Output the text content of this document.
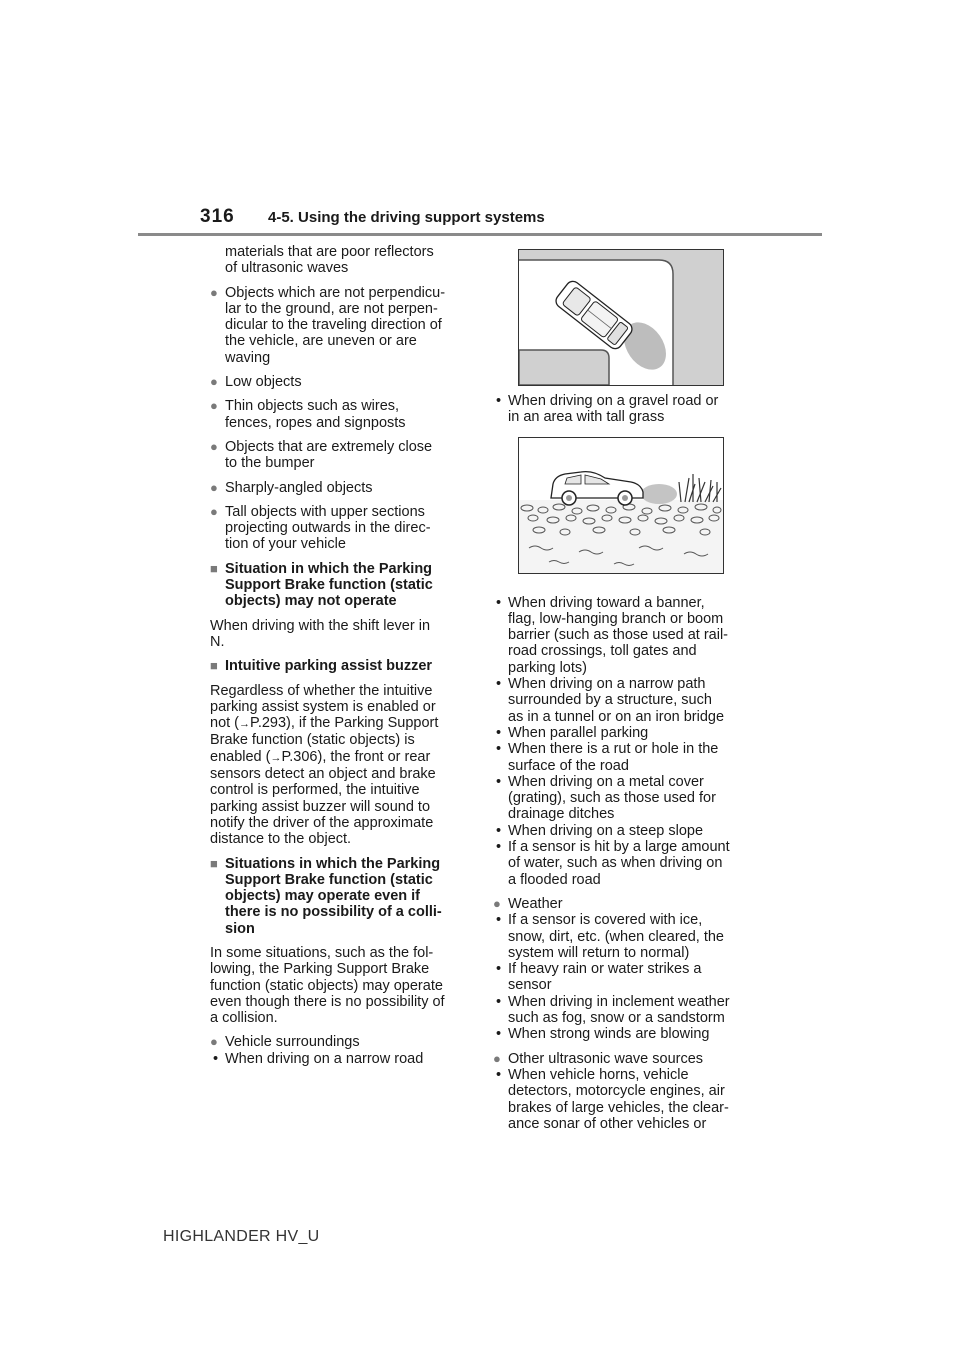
316	4-5. Using the driving support systems
materials that are poor reflectors
of ultrasonic waves
● Objects which are not perpendicu-
lar to the ground, are not perpen-
dicular to the traveling direction of
the vehicle, are uneven or are
waving
● Low objects
● Thin objects such as wires,
fences, ropes and signposts
● Objects that are extremely close
to the bumper
● Sharply-angled objects
● Tall objects with upper sections
projecting outwards in the direc-
tion of your vehicle
■ Situation in which the Parking
Support Brake function (static
objects) may not operate
When driving with the shift lever in
N.
■ Intuitive parking assist buzzer
Regardless of whether the intuitive
parking assist system is enabled or
not (→P.293), if the Parking Support
Brake function (static objects) is
enabled (→P.306), the front or rear
sensors detect an object and brake
control is performed, the intuitive
parking assist buzzer will sound to
notify the driver of the approximate
distance to the object.
■ Situations in which the Parking
Support Brake function (static
objects) may operate even if
there is no possibility of a colli-
sion
In some situations, such as the fol-
lowing, the Parking Support Brake
function (static objects) may operate
even though there is no possibility of
a collision.
● Vehicle surroundings
• When driving on a narrow road
• When driving on a gravel road or
in an area with tall grass
• When driving toward a banner,
flag, low-hanging branch or boom
barrier (such as those used at rail-
road crossings, toll gates and
parking lots)
• When driving on a narrow path
surrounded by a structure, such
as in a tunnel or on an iron bridge
• When parallel parking
• When there is a rut or hole in the
surface of the road
• When driving on a metal cover
(grating), such as those used for
drainage ditches
• When driving on a steep slope
• If a sensor is hit by a large amount
of water, such as when driving on
a flooded road
● Weather
• If a sensor is covered with ice,
snow, dirt, etc. (when cleared, the
system will return to normal)
• If heavy rain or water strikes a
sensor
• When driving in inclement weather
such as fog, snow or a sandstorm
• When strong winds are blowing
● Other ultrasonic wave sources
• When vehicle horns, vehicle
detectors, motorcycle engines, air
brakes of large vehicles, the clear-
ance sonar of other vehicles or
HIGHLANDER HV_U
